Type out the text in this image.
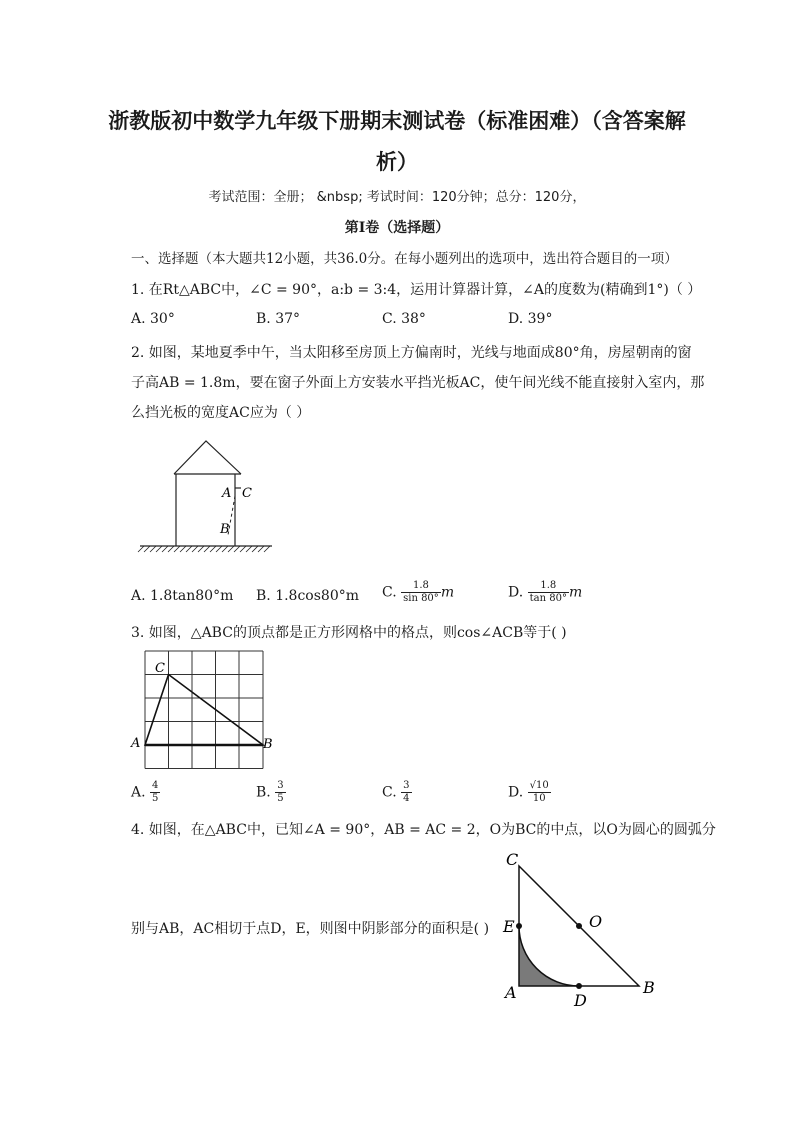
浙教版初中数学九年级下册期末测试卷（标准困难）（含答案解
析）
考试范围：全册； &nbsp; 考试时间：120分钟；总分：120分，
第I卷（选择题）
一、选择题（本大题共12小题，共36.0分。在每小题列出的选项中，选出符合题目的一项）
1. 在Rt△ABC中，∠C = 90°，a:b = 3:4，运用计算器计算，∠A的度数为(精确到1°)（ ）
A. 30°	B. 37°	C. 38°	D. 39°
2. 如图，某地夏季中午，当太阳移至房顶上方偏南时，光线与地面成80°角，房屋朝南的窗
子高AB = 1.8m，要在窗子外面上方安装水平挡光板AC，使午间光线不能直接射入室内，那
么挡光板的宽度AC应为（ ）
A C
B
A. 1.8tan80°m B. 1.8cos80°m C. $\frac{1.8}{\sin 80^\circ}$ m	D. $\frac{1.8}{\tan 80^\circ}$ m
3. 如图，△ABC的顶点都是正方形网格中的格点，则cos∠ACB等于( )
C
A	B
A. $\frac{4}{5}$	B. $\frac{3}{5}$	C. $\frac{3}{4}$	D. $\frac{√10}{10}$
4. 如图，在△ABC中，已知∠A = 90°，AB = AC = 2，O为BC的中点，以O为圆心的圆弧分
别与AB，AC相切于点D，E，则图中阴影部分的面积是( )
C
E	O
A	D
B
